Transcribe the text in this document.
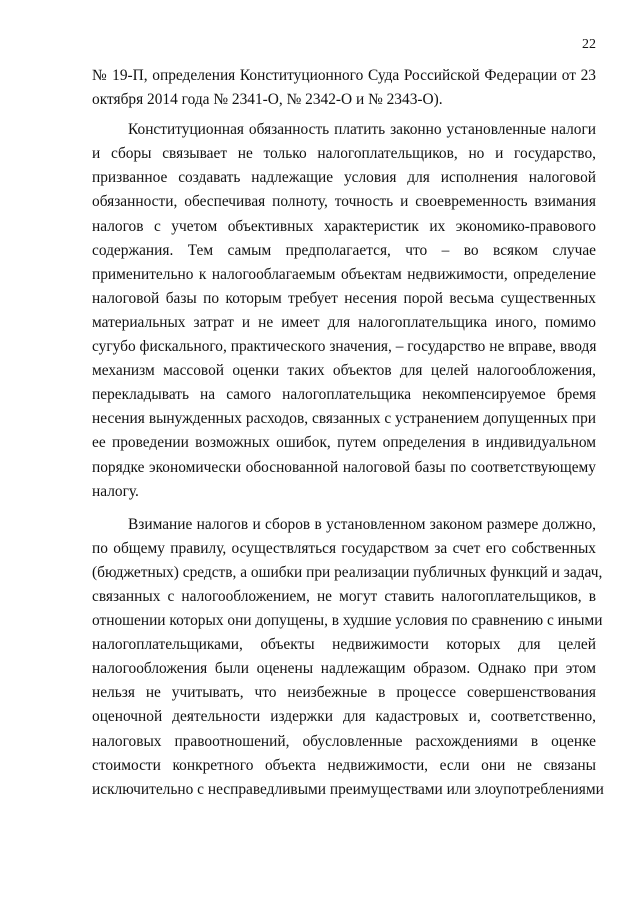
22
№ 19-П, определения Конституционного Суда Российской Федерации от 23
октября 2014 года № 2341-О, № 2342-О и № 2343-О).
Конституционная обязанность платить законно установленные налоги
и сборы связывает не только налогоплательщиков, но и государство,
призванное создавать надлежащие условия для исполнения налоговой
обязанности, обеспечивая полноту, точность и своевременность взимания
налогов с учетом объективных характеристик их экономико-правового
содержания. Тем самым предполагается, что – во всяком случае
применительно к налогооблагаемым объектам недвижимости, определение
налоговой базы по которым требует несения порой весьма существенных
материальных затрат и не имеет для налогоплательщика иного, помимо
сугубо фискального, практического значения, – государство не вправе, вводя
механизм массовой оценки таких объектов для целей налогообложения,
перекладывать на самого налогоплательщика некомпенсируемое бремя
несения вынужденных расходов, связанных с устранением допущенных при
ее проведении возможных ошибок, путем определения в индивидуальном
порядке экономически обоснованной налоговой базы по соответствующему
налогу.
Взимание налогов и сборов в установленном законом размере должно,
по общему правилу, осуществляться государством за счет его собственных
(бюджетных) средств, а ошибки при реализации публичных функций и задач,
связанных с налогообложением, не могут ставить налогоплательщиков, в
отношении которых они допущены, в худшие условия по сравнению с иными
налогоплательщиками, объекты недвижимости которых для целей
налогообложения были оценены надлежащим образом. Однако при этом
нельзя не учитывать, что неизбежные в процессе совершенствования
оценочной деятельности издержки для кадастровых и, соответственно,
налоговых правоотношений, обусловленные расхождениями в оценке
стоимости конкретного объекта недвижимости, если они не связаны
исключительно с несправедливыми преимуществами или злоупотреблениями
